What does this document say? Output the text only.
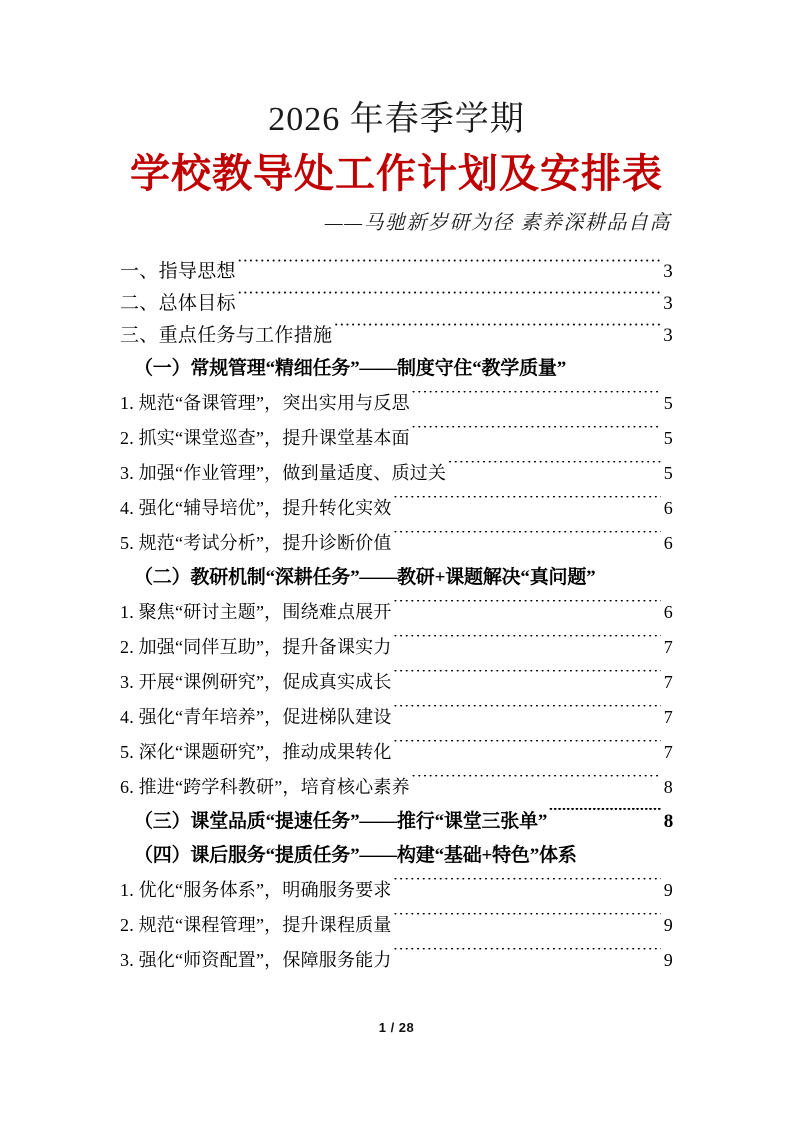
2026 年春季学期
学校教导处工作计划及安排表
——马驰新岁研为径 素养深耕品自高
一、指导思想 ·····	3
二、总体目标 ·····	3
三、重点任务与工作措施 ·····	3
（一）常规管理“精细任务”——制度守住“教学质量”
1. 规范“备课管理”，突出实用与反思 ·····	5
2. 抓实“课堂巡查”，提升课堂基本面 ·····	5
3. 加强“作业管理”，做到量适度、质过关 ·····	5
4. 强化“辅导培优”，提升转化实效 ·····	6
5. 规范“考试分析”，提升诊断价值 ·····	6
（二）教研机制“深耕任务”——教研+课题解决“真问题”
1. 聚焦“研讨主题”，围绕难点展开 ·····	6
2. 加强“同伴互助”，提升备课实力 ·····	7
3. 开展“课例研究”，促成真实成长 ·····	7
4. 强化“青年培养”，促进梯队建设 ·····	7
5. 深化“课题研究”，推动成果转化 ·····	7
6. 推进“跨学科教研”，培育核心素养 ·····	8
（三）课堂品质“提速任务”——推行“课堂三张单” ·····	8
（四）课后服务“提质任务”——构建“基础+特色”体系
1. 优化“服务体系”，明确服务要求 ·····	9
2. 规范“课程管理”，提升课程质量 ·····	9
3. 强化“师资配置”，保障服务能力 ·····	9
1 / 28
